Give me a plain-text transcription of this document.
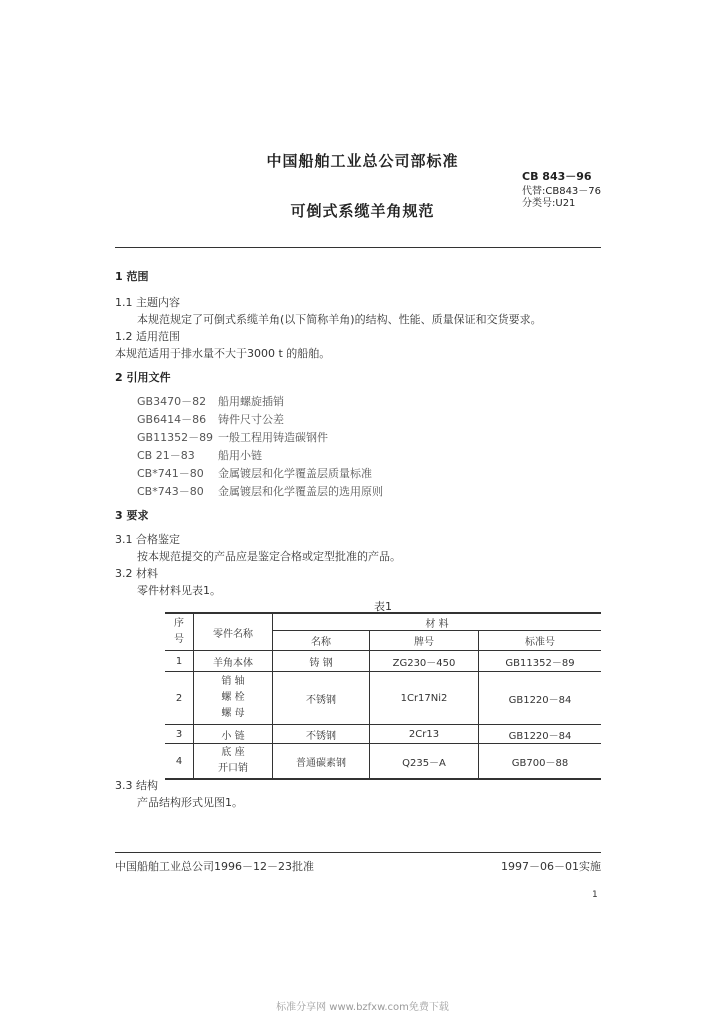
中国船舶工业总公司部标准
CB 843－96
代替:CB843－76
分类号:U21
可倒式系缆羊角规范
1 范围
1.1 主题内容
本规范规定了可倒式系缆羊角(以下简称羊角)的结构、性能、质量保证和交货要求。
1.2 适用范围
本规范适用于排水量不大于3000 t 的船舶。
2 引用文件
GB3470－82 船用螺旋插销
GB6414－86 铸件尺寸公差
GB11352－89 一般工程用铸造碳钢件
CB 21－83 船用小链
CB*741－80 金属镀层和化学覆盖层质量标准
CB*743－80 金属镀层和化学覆盖层的选用原则
3 要求
3.1 合格鉴定
按本规范提交的产品应是鉴定合格或定型批准的产品。
3.2 材料
零件材料见表1。
表1
序号	零件名称	材 料		
		名称	牌号	标准号
1	羊角本体	铸 钢	ZG230－450	GB11352－89
2	销 轴
螺 栓
螺 母	不锈钢	1Cr17Ni2	GB1220－84
3	小 链	不锈钢	2Cr13	GB1220－84
4	底 座
开口销	普通碳素钢	Q235－A	GB700－88
3.3 结构
产品结构形式见图1。
中国船舶工业总公司1996－12－23批准	1997－06－01实施
1
标准分享网 www.bzfxw.com免费下载
